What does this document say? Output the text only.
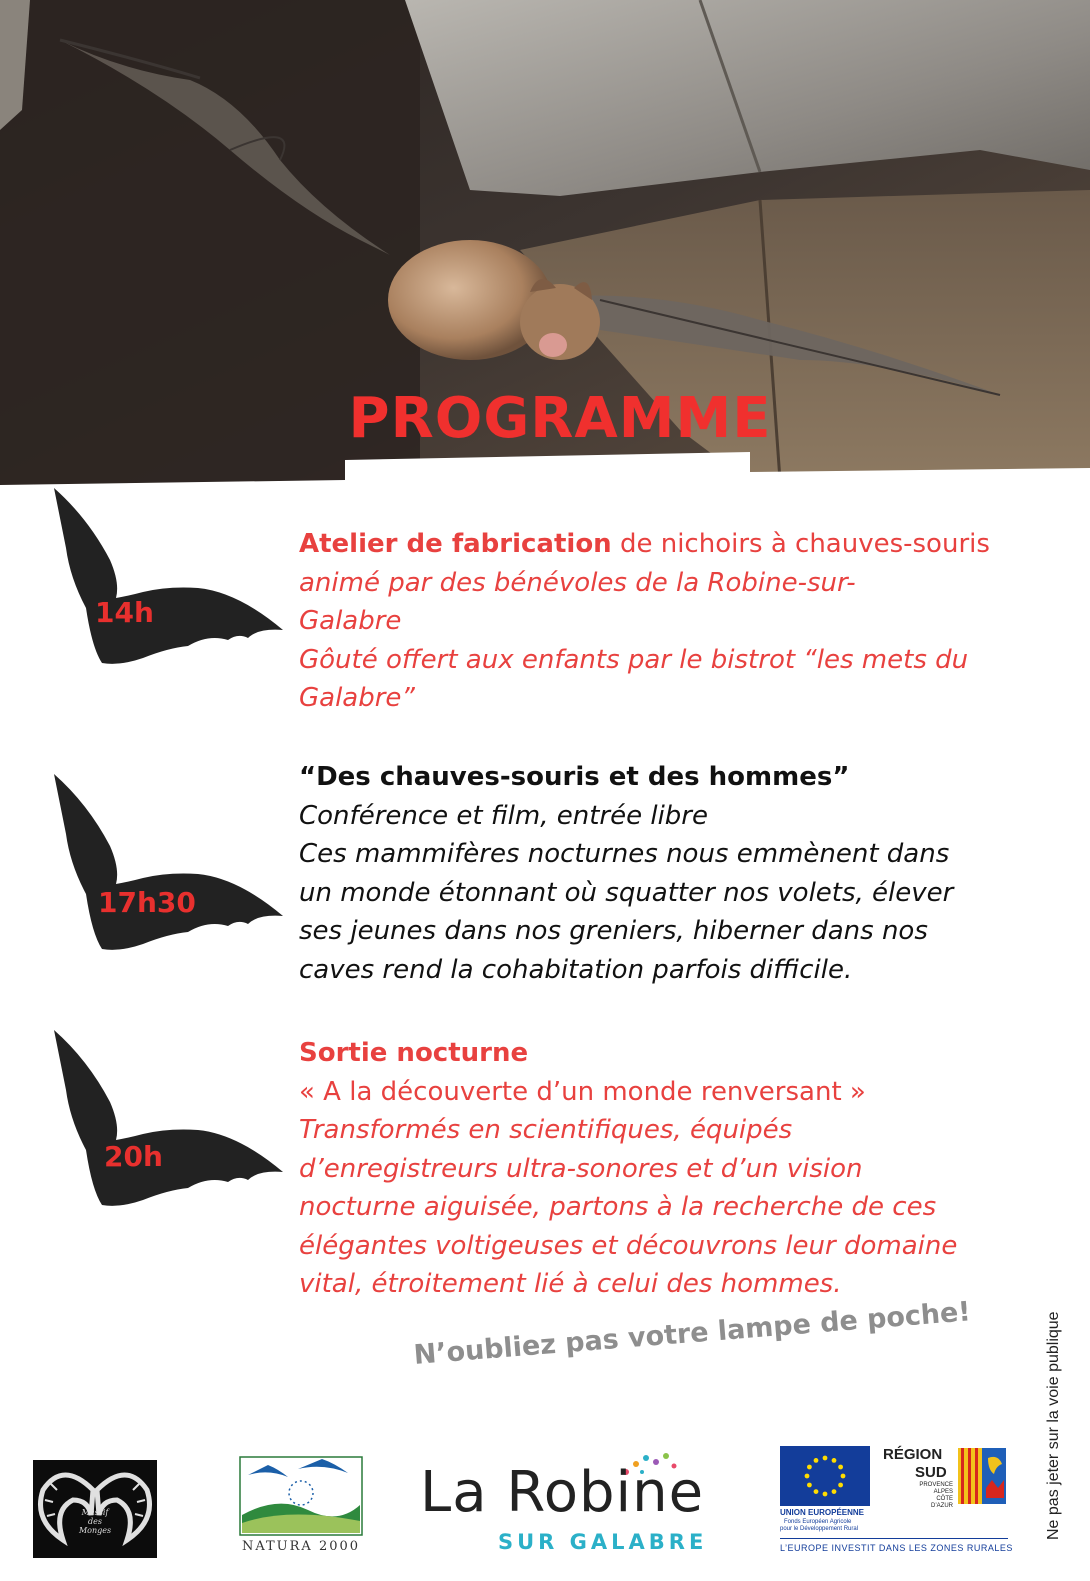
PROGRAMME
14h
Atelier de fabrication de nichoirs à chauves-souris
animé par des bénévoles de la Robine-sur-
Galabre
Gôuté offert aux enfants par le bistrot “les mets du
Galabre”
17h30
“Des chauves-souris et des hommes”
Conférence et film, entrée libre
Ces mammifères nocturnes nous emmènent dans
un monde étonnant où squatter nos volets, élever
ses jeunes dans nos greniers, hiberner dans nos
caves rend la cohabitation parfois difficile.
20h
Sortie nocturne
« A la découverte d’un monde renversant »
Transformés en scientifiques, équipés
d’enregistreurs ultra-sonores et d’un vision
nocturne aiguisée, partons à la recherche de ces
élégantes voltigeuses et découvrons leur domaine
vital, étroitement lié à celui des hommes.
N’oubliez pas votre lampe de poche!	Ne pas jeter sur la voie publique
Massif
des
Monges
NATURA 2000
La Robine
SUR GALABRE
UNION EUROPÉENNE
Fonds Européen Agricole
pour le Développement Rural
L’EUROPE INVESTIT DANS LES ZONES RURALES
RÉGION
SUD
PROVENCE
ALPES
CÔTE D’AZUR
